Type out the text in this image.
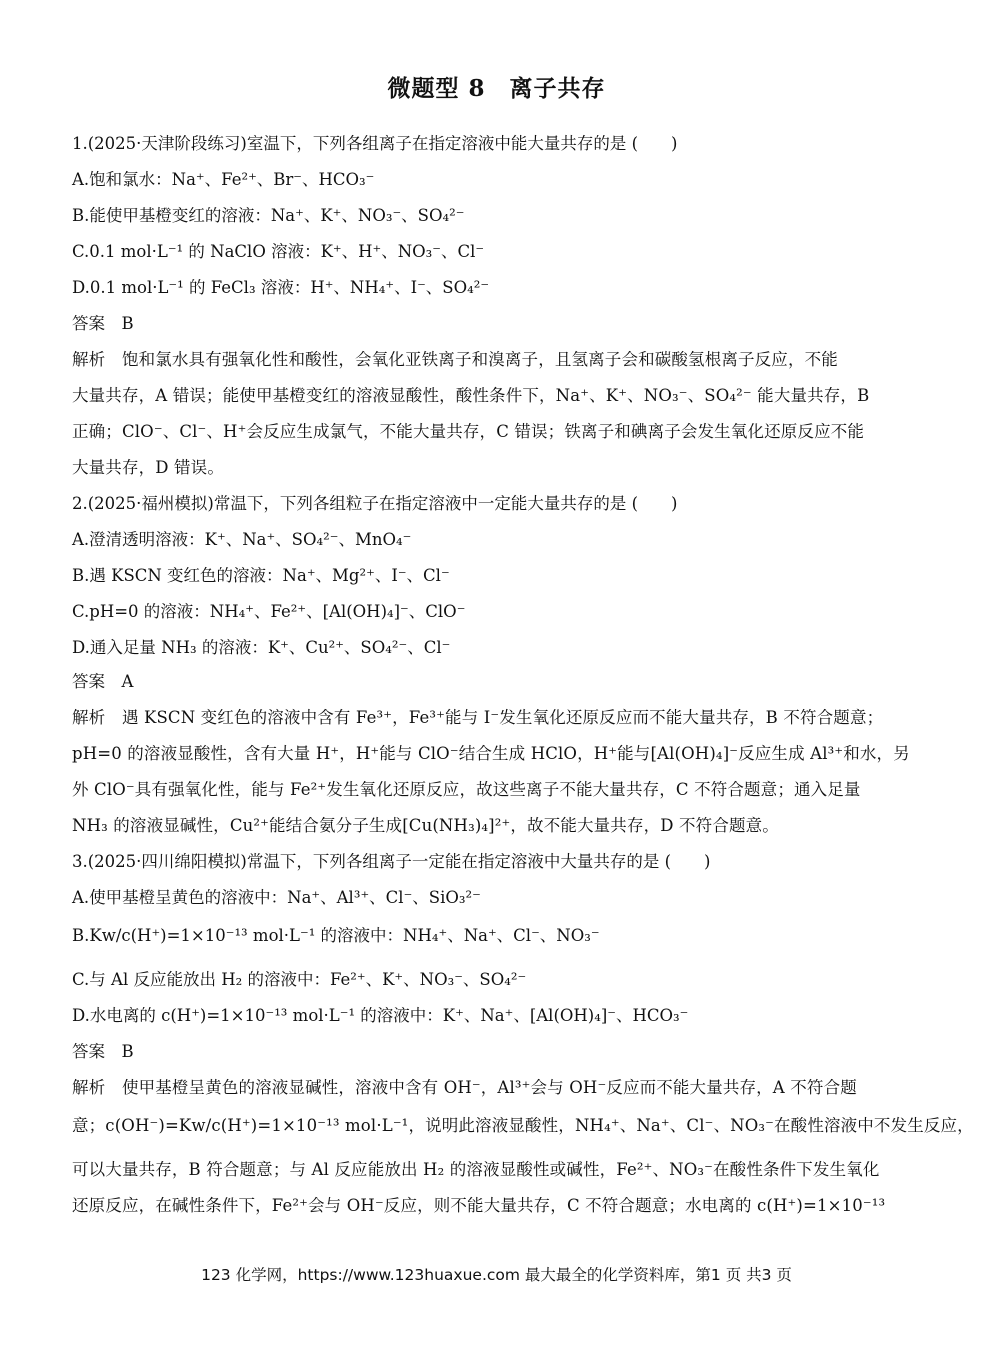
微题型 8　离子共存
1.(2025·天津阶段练习)室温下，下列各组离子在指定溶液中能大量共存的是 (　　)
A.饱和氯水：Na⁺、Fe²⁺、Br⁻、HCO₃⁻
B.能使甲基橙变红的溶液：Na⁺、K⁺、NO₃⁻、SO₄²⁻
C.0.1 mol·L⁻¹ 的 NaClO 溶液：K⁺、H⁺、NO₃⁻、Cl⁻
D.0.1 mol·L⁻¹ 的 FeCl₃ 溶液：H⁺、NH₄⁺、I⁻、SO₄²⁻
答案　B
解析　饱和氯水具有强氧化性和酸性，会氧化亚铁离子和溴离子，且氢离子会和碳酸氢根离子反应，不能
大量共存，A 错误；能使甲基橙变红的溶液显酸性，酸性条件下，Na⁺、K⁺、NO₃⁻、SO₄²⁻ 能大量共存，B
正确；ClO⁻、Cl⁻、H⁺会反应生成氯气，不能大量共存，C 错误；铁离子和碘离子会发生氧化还原反应不能
大量共存，D 错误。
2.(2025·福州模拟)常温下，下列各组粒子在指定溶液中一定能大量共存的是 (　　)
A.澄清透明溶液：K⁺、Na⁺、SO₄²⁻、MnO₄⁻
B.遇 KSCN 变红色的溶液：Na⁺、Mg²⁺、I⁻、Cl⁻
C.pH=0 的溶液：NH₄⁺、Fe²⁺、[Al(OH)₄]⁻、ClO⁻
D.通入足量 NH₃ 的溶液：K⁺、Cu²⁺、SO₄²⁻、Cl⁻
答案　A
解析　遇 KSCN 变红色的溶液中含有 Fe³⁺，Fe³⁺能与 I⁻发生氧化还原反应而不能大量共存，B 不符合题意；
pH=0 的溶液显酸性，含有大量 H⁺，H⁺能与 ClO⁻结合生成 HClO，H⁺能与[Al(OH)₄]⁻反应生成 Al³⁺和水，另
外 ClO⁻具有强氧化性，能与 Fe²⁺发生氧化还原反应，故这些离子不能大量共存，C 不符合题意；通入足量
NH₃ 的溶液显碱性，Cu²⁺能结合氨分子生成[Cu(NH₃)₄]²⁺，故不能大量共存，D 不符合题意。
3.(2025·四川绵阳模拟)常温下，下列各组离子一定能在指定溶液中大量共存的是 (　　)
A.使甲基橙呈黄色的溶液中：Na⁺、Al³⁺、Cl⁻、SiO₃²⁻
B.Kw/c(H⁺)=1×10⁻¹³ mol·L⁻¹ 的溶液中：NH₄⁺、Na⁺、Cl⁻、NO₃⁻
C.与 Al 反应能放出 H₂ 的溶液中：Fe²⁺、K⁺、NO₃⁻、SO₄²⁻
D.水电离的 c(H⁺)=1×10⁻¹³ mol·L⁻¹ 的溶液中：K⁺、Na⁺、[Al(OH)₄]⁻、HCO₃⁻
答案　B
解析　使甲基橙呈黄色的溶液显碱性，溶液中含有 OH⁻，Al³⁺会与 OH⁻反应而不能大量共存，A 不符合题
意；c(OH⁻)=Kw/c(H⁺)=1×10⁻¹³ mol·L⁻¹，说明此溶液显酸性，NH₄⁺、Na⁺、Cl⁻、NO₃⁻在酸性溶液中不发生反应，
可以大量共存，B 符合题意；与 Al 反应能放出 H₂ 的溶液显酸性或碱性，Fe²⁺、NO₃⁻在酸性条件下发生氧化
还原反应，在碱性条件下，Fe²⁺会与 OH⁻反应，则不能大量共存，C 不符合题意；水电离的 c(H⁺)=1×10⁻¹³
123 化学网，https://www.123huaxue.com 最大最全的化学资料库，第1 页 共3 页
